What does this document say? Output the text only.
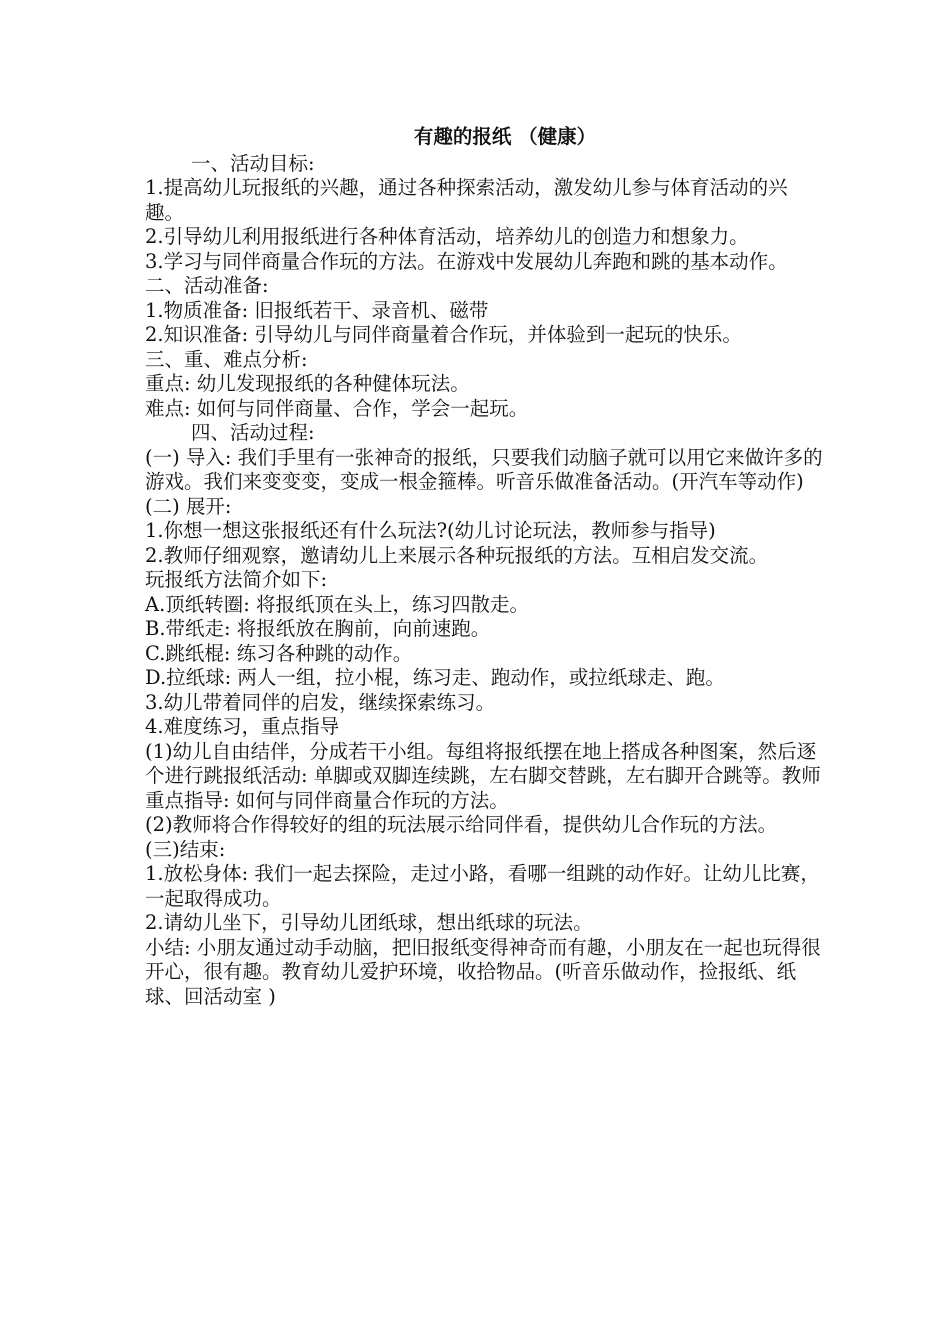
有趣的报纸 （健康）
一、活动目标:
1.提高幼儿玩报纸的兴趣，通过各种探索活动，激发幼儿参与体育活动的兴趣。
2.引导幼儿利用报纸进行各种体育活动，培养幼儿的创造力和想象力。
3.学习与同伴商量合作玩的方法。在游戏中发展幼儿奔跑和跳的基本动作。
二、活动准备:
1.物质准备: 旧报纸若干、录音机、磁带
2.知识准备: 引导幼儿与同伴商量着合作玩，并体验到一起玩的快乐。
三、重、难点分析:
重点: 幼儿发现报纸的各种健体玩法。
难点: 如何与同伴商量、合作，学会一起玩。
四、活动过程:
(一) 导入: 我们手里有一张神奇的报纸，只要我们动脑子就可以用它来做许多的游戏。我们来变变变，变成一根金箍棒。听音乐做准备活动。(开汽车等动作)
(二) 展开:
1.你想一想这张报纸还有什么玩法?(幼儿讨论玩法，教师参与指导)
2.教师仔细观察，邀请幼儿上来展示各种玩报纸的方法。互相启发交流。
玩报纸方法简介如下:
A.顶纸转圈: 将报纸顶在头上，练习四散走。
B.带纸走: 将报纸放在胸前，向前速跑。
C.跳纸棍: 练习各种跳的动作。
D.拉纸球: 两人一组，拉小棍，练习走、跑动作，或拉纸球走、跑。
3.幼儿带着同伴的启发，继续探索练习。
4.难度练习，重点指导
(1)幼儿自由结伴，分成若干小组。每组将报纸摆在地上搭成各种图案，然后逐个进行跳报纸活动: 单脚或双脚连续跳，左右脚交替跳，左右脚开合跳等。教师重点指导: 如何与同伴商量合作玩的方法。
(2)教师将合作得较好的组的玩法展示给同伴看，提供幼儿合作玩的方法。
(三)结束:
1.放松身体: 我们一起去探险，走过小路，看哪一组跳的动作好。让幼儿比赛，一起取得成功。
2.请幼儿坐下，引导幼儿团纸球，想出纸球的玩法。
小结: 小朋友通过动手动脑，把旧报纸变得神奇而有趣，小朋友在一起也玩得很开心，很有趣。教育幼儿爱护环境，收拾物品。(听音乐做动作，捡报纸、纸球、回活动室 )
